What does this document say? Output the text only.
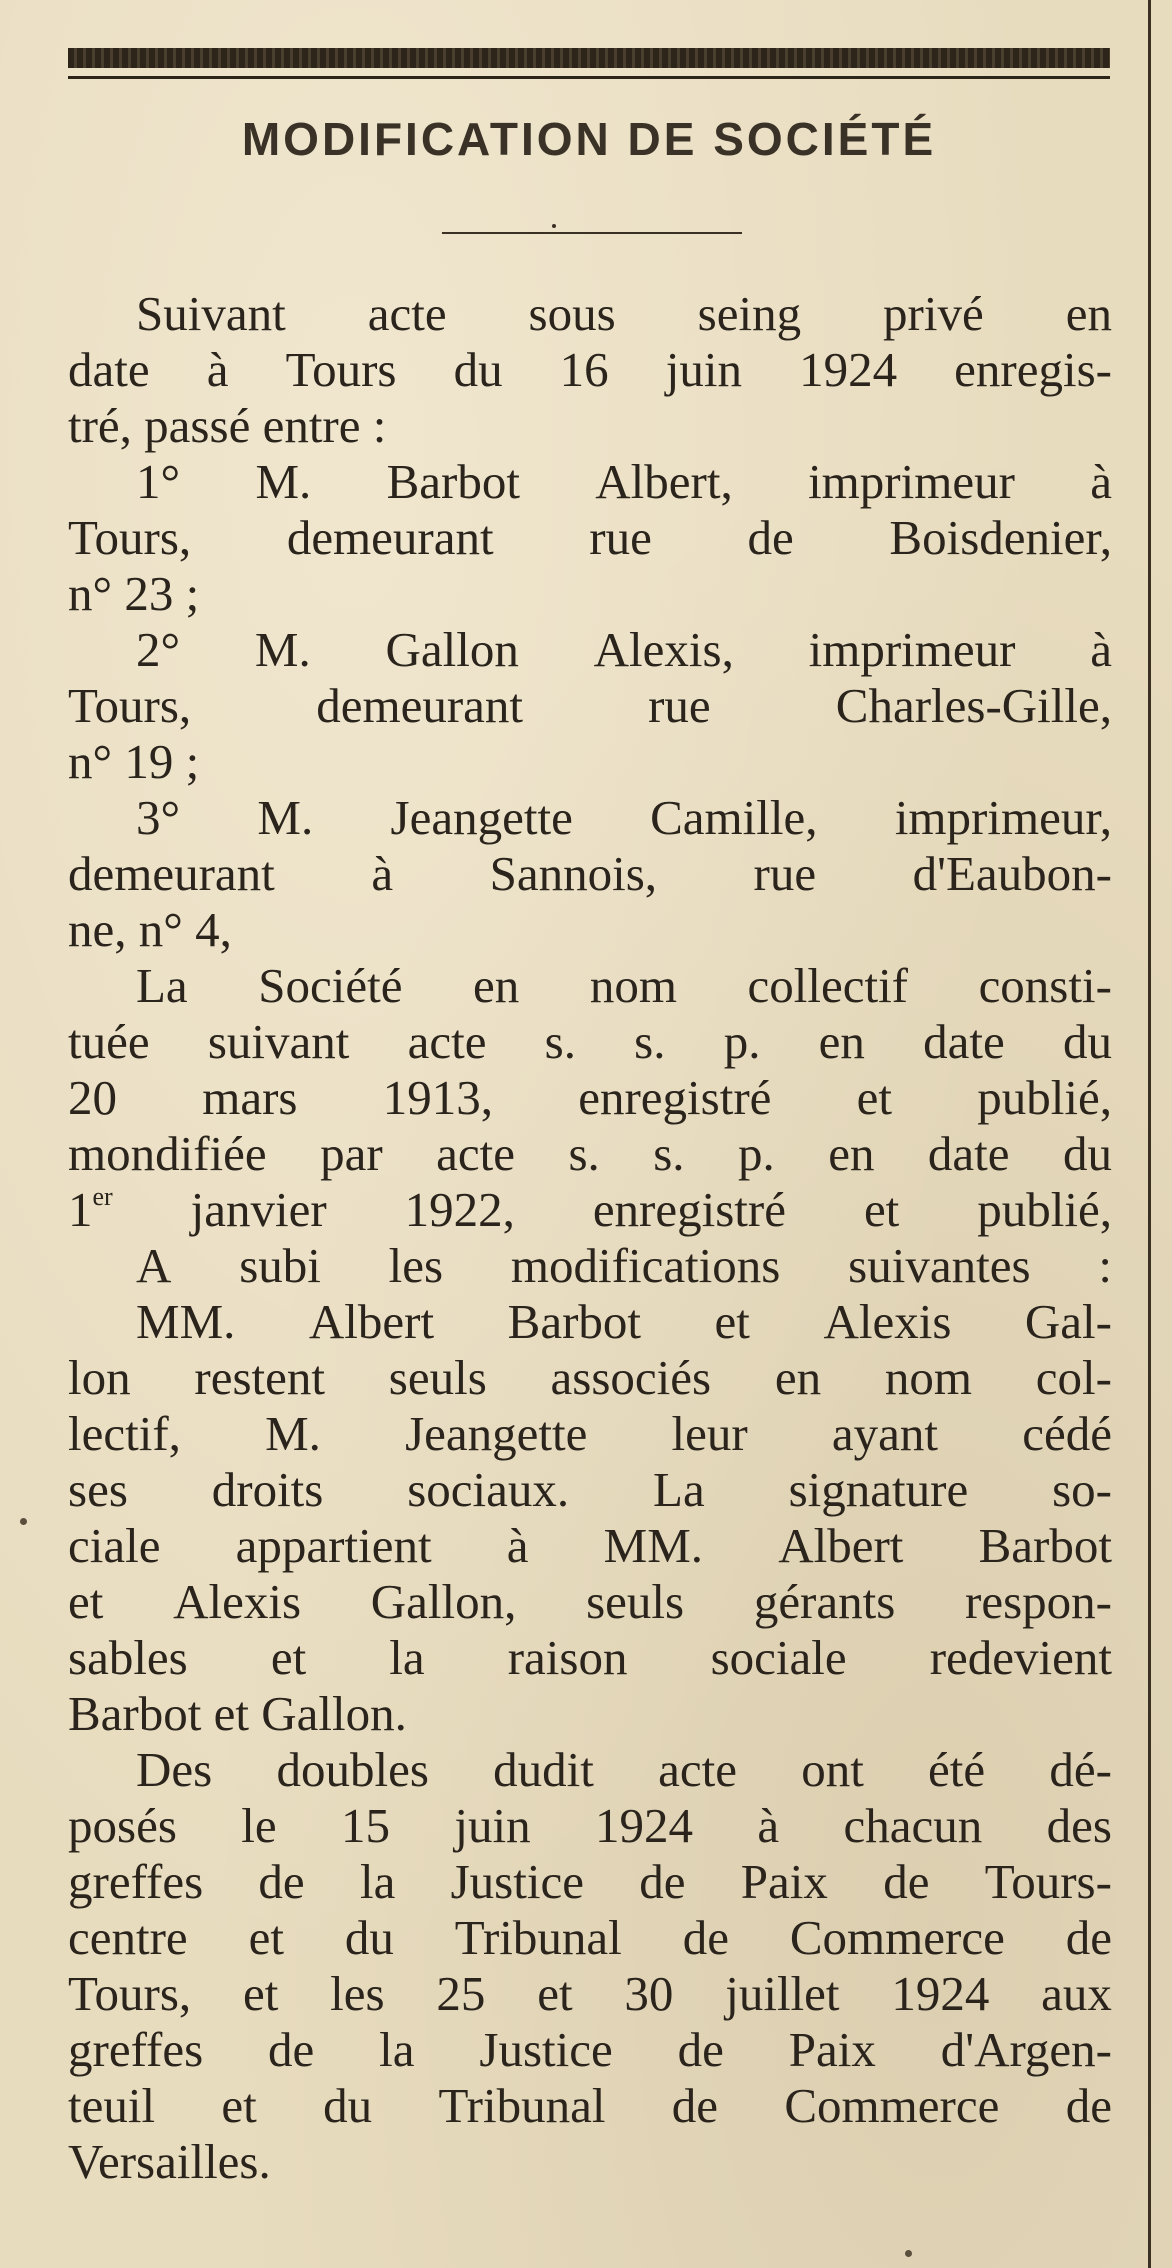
MODIFICATION DE SOCIÉTÉ
Suivant acte sous seing privé en
date à Tours du 16 juin 1924 enregis-
tré, passé entre :
1° M. Barbot Albert, imprimeur à
Tours, demeurant rue de Boisdenier,
n° 23 ;
2° M. Gallon Alexis, imprimeur à
Tours,	demeurant	rue	Charles-Gille,
n° 19 ;
3° M. Jeangette Camille, imprimeur,
demeurant à Sannois, rue d'Eaubon-
ne, n° 4,
La Société en nom collectif consti-
tuée suivant acte s. s. p. en date du
20 mars 1913, enregistré et publié,
mondifiée par acte s. s. p. en date du
1er janvier 1922, enregistré et publié,
A subi les modifications suivantes :
MM. Albert Barbot et Alexis Gal-
lon restent seuls associés en nom col-
lectif, M. Jeangette leur ayant cédé
ses droits sociaux. La signature so-
ciale appartient à MM. Albert Barbot
et Alexis Gallon, seuls gérants respon-
sables et la raison sociale redevient
Barbot et Gallon.
Des doubles dudit acte ont été dé-
posés le 15 juin 1924 à chacun des
greffes de la Justice de Paix de Tours-
centre et du Tribunal de Commerce de
Tours, et les 25 et 30 juillet 1924 aux
greffes de la Justice de Paix d'Argen-
teuil et du Tribunal de Commerce de
Versailles.
